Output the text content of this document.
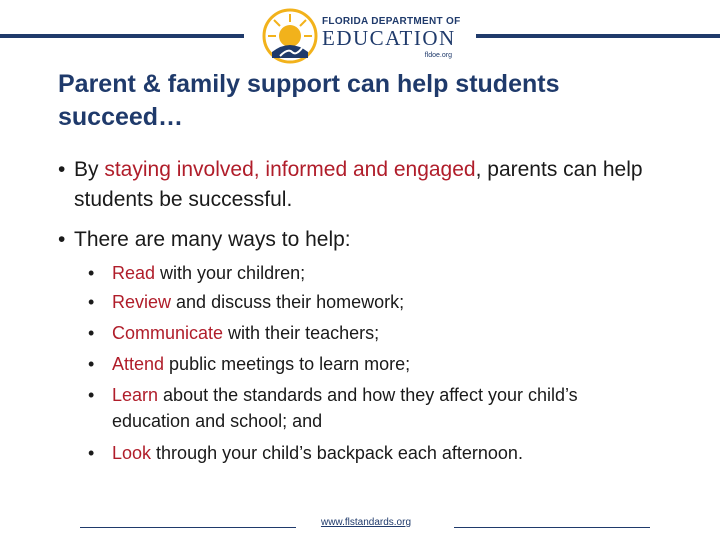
FLORIDA DEPARTMENT OF
EDUCATION
fldoe.org
Parent & family support can help students succeed…
• By staying involved, informed and engaged, parents can help students be successful.
• There are many ways to help:
• Read with your children;
• Review and discuss their homework;
• Communicate with their teachers;
• Attend public meetings to learn more;
• Learn about the standards and how they affect your child’s education and school; and
• Look through your child’s backpack each afternoon.
www.flstandards.org
